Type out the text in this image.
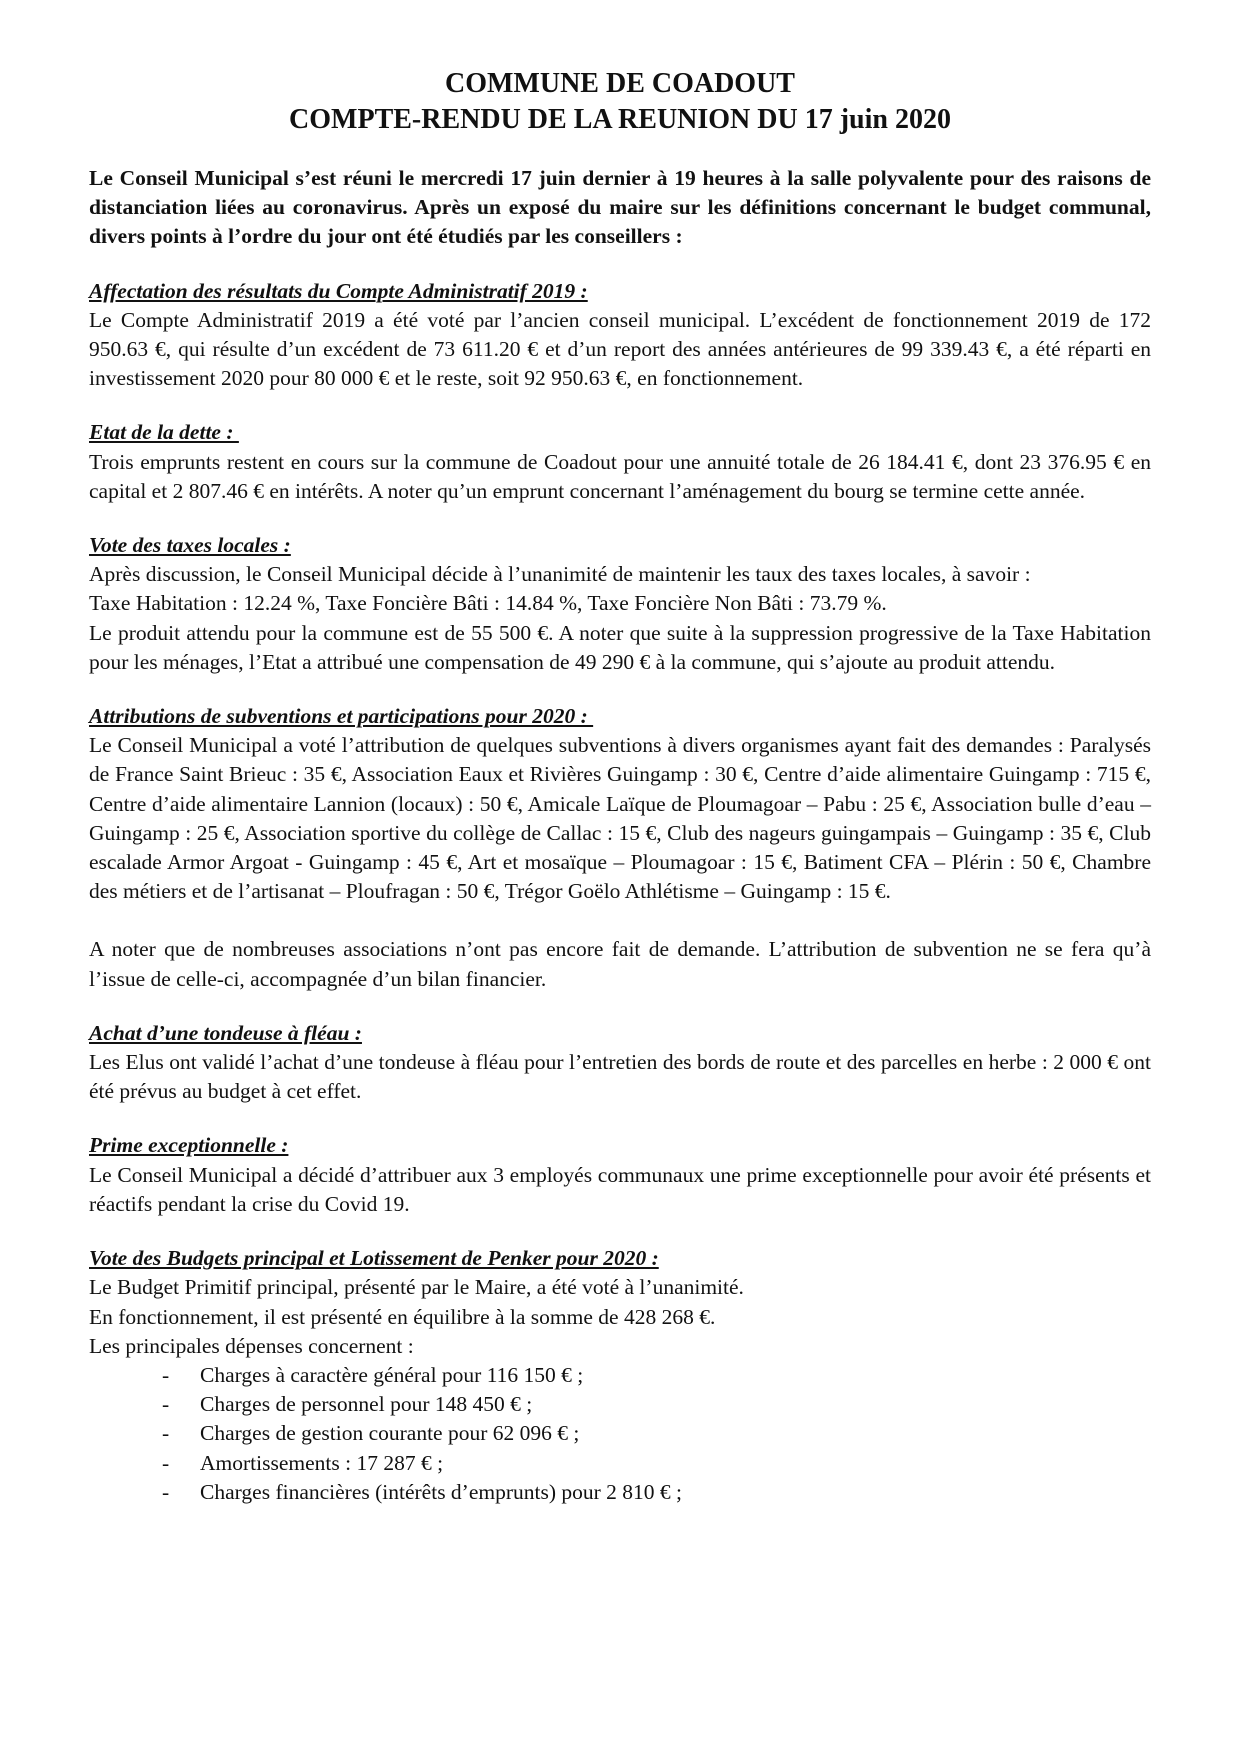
COMMUNE DE COADOUT
COMPTE-RENDU DE LA REUNION DU 17 juin 2020

Le Conseil Municipal s’est réuni le mercredi 17 juin dernier à 19 heures à la salle polyvalente pour des raisons de distanciation liées au coronavirus. Après un exposé du maire sur les définitions concernant le budget communal, divers points à l’ordre du jour ont été étudiés par les conseillers :

Affectation des résultats du Compte Administratif 2019 :

Le Compte Administratif 2019 a été voté par l’ancien conseil municipal. L’excédent de fonctionnement 2019 de 172 950.63 €, qui résulte d’un excédent de 73 611.20 € et d’un report des années antérieures de 99 339.43 €, a été réparti en investissement 2020 pour 80 000 € et le reste, soit 92 950.63 €, en fonctionnement.

Etat de la dette :

Trois emprunts restent en cours sur la commune de Coadout pour une annuité totale de 26 184.41 €, dont 23 376.95 € en capital et 2 807.46 € en intérêts. A noter qu’un emprunt concernant l’aménagement du bourg se termine cette année.

Vote des taxes locales :

Après discussion, le Conseil Municipal décide à l’unanimité de maintenir les taux des taxes locales, à savoir :

Taxe Habitation : 12.24 %, Taxe Foncière Bâti : 14.84 %, Taxe Foncière Non Bâti : 73.79 %.

Le produit attendu pour la commune est de 55 500 €. A noter que suite à la suppression progressive de la Taxe Habitation pour les ménages, l’Etat a attribué une compensation de 49 290 € à la commune, qui s’ajoute au produit attendu.

Attributions de subventions et participations pour 2020 :

Le Conseil Municipal a voté l’attribution de quelques subventions à divers organismes ayant fait des demandes : Paralysés de France Saint Brieuc : 35 €, Association Eaux et Rivières Guingamp : 30 €, Centre d’aide alimentaire Guingamp : 715 €, Centre d’aide alimentaire Lannion (locaux) : 50 €, Amicale Laïque de Ploumagoar – Pabu : 25 €, Association bulle d’eau – Guingamp : 25 €, Association sportive du collège de Callac : 15 €, Club des nageurs guingampais – Guingamp : 35 €, Club escalade Armor Argoat - Guingamp : 45 €, Art et mosaïque – Ploumagoar : 15 €, Batiment CFA – Plérin : 50 €, Chambre des métiers et de l’artisanat – Ploufragan : 50 €, Trégor Goëlo Athlétisme – Guingamp : 15 €.

A noter que de nombreuses associations n’ont pas encore fait de demande. L’attribution de subvention ne se fera qu’à l’issue de celle-ci, accompagnée d’un bilan financier.

Achat d’une tondeuse à fléau :

Les Elus ont validé l’achat d’une tondeuse à fléau pour l’entretien des bords de route et des parcelles en herbe : 2 000 € ont été prévus au budget à cet effet.

Prime exceptionnelle :

Le Conseil Municipal a décidé d’attribuer aux 3 employés communaux une prime exceptionnelle pour avoir été présents et réactifs pendant la crise du Covid 19.

Vote des Budgets principal et Lotissement de Penker pour 2020 :

Le Budget Primitif principal, présenté par le Maire, a été voté à l’unanimité.

En fonctionnement, il est présenté en équilibre à la somme de 428 268 €.

Les principales dépenses concernent :

- Charges à caractère général pour 116 150 € ;
- Charges de personnel pour 148 450 € ;
- Charges de gestion courante pour 62 096 € ;
- Amortissements : 17 287 € ;
- Charges financières (intérêts d’emprunts) pour 2 810 € ;
